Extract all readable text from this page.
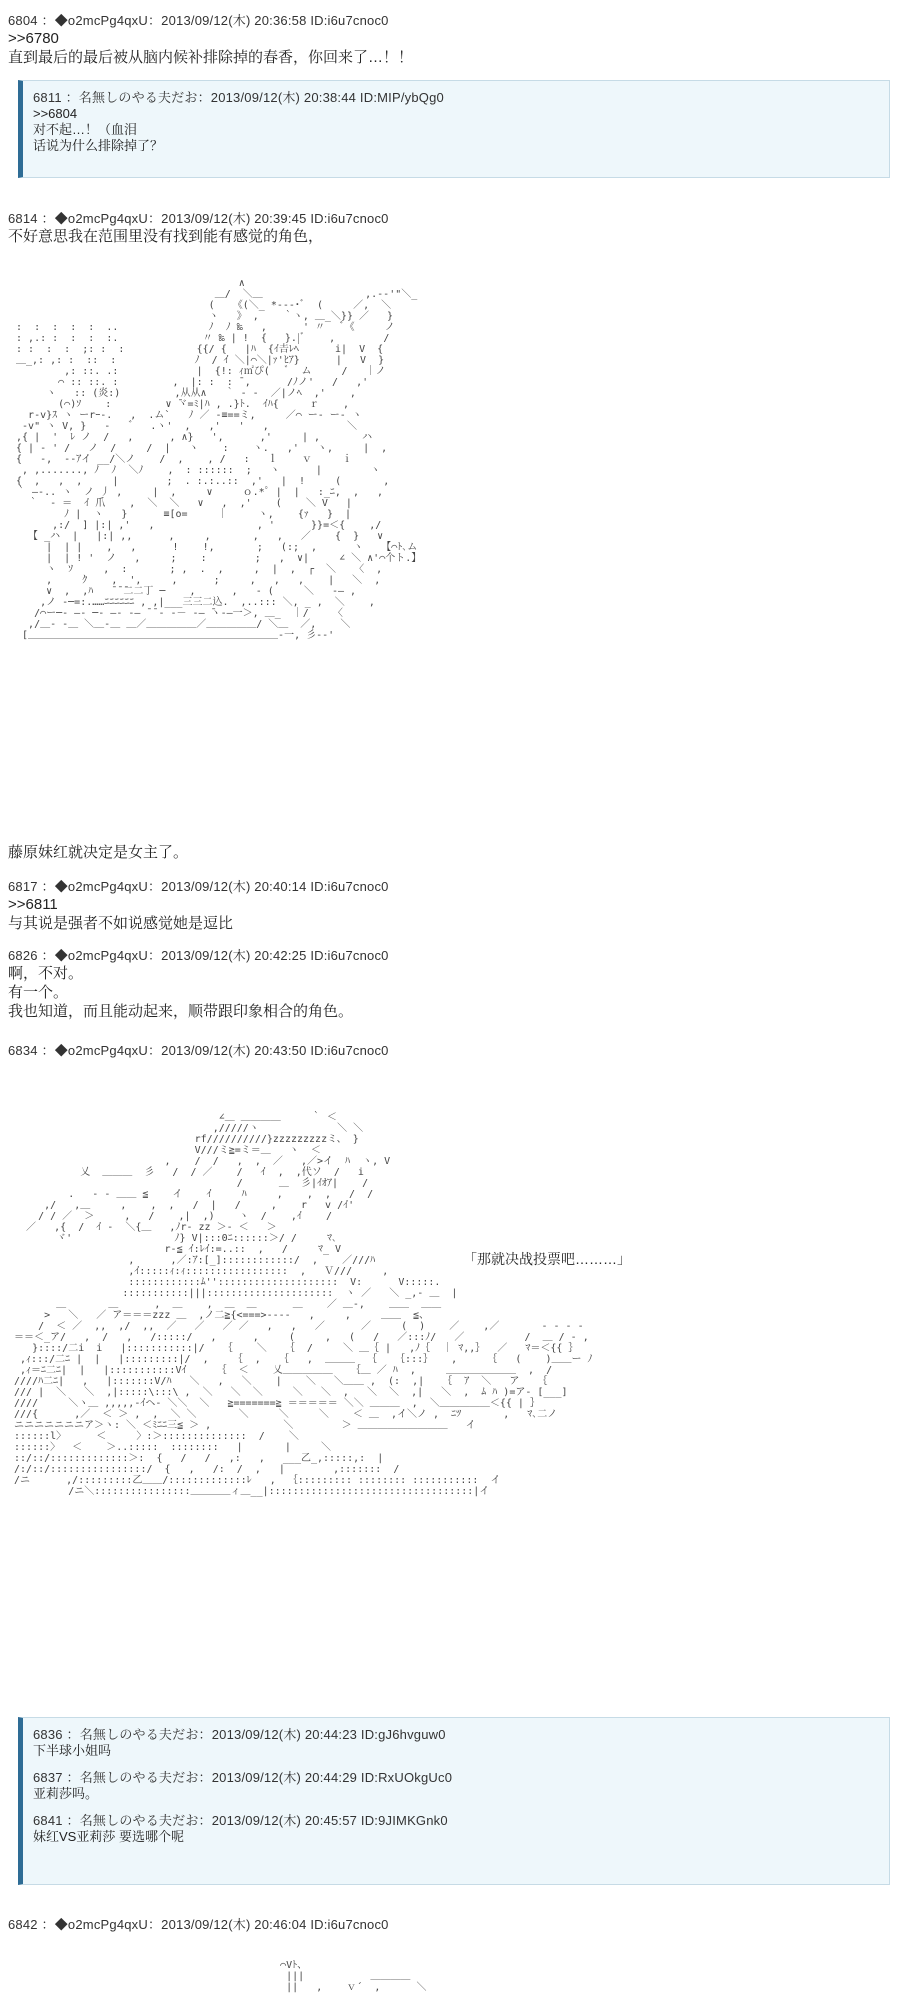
6804 ：◆o2mcPg4qxU：2013/09/12(木) 20:36:58 ID:i6u7cnoc0
>>6780
直到最后的最后被从脑内候补排除掉的春香，你回来了…！！
6811 ：名無しのやる夫だお：2013/09/12(木) 20:38:44 ID:MIP/ybQg0
>>6804
对不起…！（血泪
话说为什么排除掉了？
6814 ：◆o2mcPg4qxU：2013/09/12(木) 20:39:45 ID:i6u7cnoc0
不好意思我在范围里没有找到能有感觉的角色，
∧
＿/  ＼＿                 ,.-‐'"＼_
(   《(＼_ *‐‐‐･ﾞ  (     ／,  ＼
ヽ   》 ,    ｀ヽ, ＿_＼}} ／   }
:  :  :  :  :  ..               ﾉ  ﾉ ‰   ,      ' 〃   ﾞ《     ノ
: ,.: :  :  :  :.              〃 ‰ | !  {   }.|ﾞ    ,        /
: :  :  :  ;: :  :            {{/ {   |ﾊ  {ｲ𠮷ﾚﾍ      i|  V  {
＿_,: ,: :  ::  :             ﾉ  / ｲ ＼|⌒＼|ｧ'ﾋｱ}      |   V  }
,: ::. .:             |  {!: ｨ㎡ぴ(   ﾞ  ム     /   ｜ノ
⌒ :: ::. :         ,  |: :  : ̄ ,      /ﾉノ'   /   ,'
ヽ   :: (炎:)         ,从从∧   ｀ ‐ ‐  ／|ノﾍ  ,'    ,
(⌒)ｿ    :         ∨ ̄ヾ=ﾐ|ﾊ , .}ﾄ.  ｲﾊ{     ｒ    ,
r‐v}ｽ ヽ ーrｰ‐.   ,  .ム`   ﾉ ／ ‐≡==ミ,     ／⌒ ー‐ ー‐ ヽ
-v" ヽ V, }   -   ゛  .ヽ'  ,   ,'   '   ,             ＼
,{ |  '  ﾚ ノ  /   ,      , ∧}   ',      ,'     | ,       ハ
{ | ‐ ' /   ノ  /     /  |   ヽ    :    ヽ.   ,'   ヽ,     |  ,
{   ‐,  ‐-ｱイ __/＼ノ    /  ,    , /   :   ｌ    ｖ     ｉ
, ,......., ﾉ  ﾉ  ＼ﾉ    ,  : ::::::  ;   ヽ      |        ヽ
{  ,   ,  ,     |        ;  . :.:..::  ,'   |  !     (       ,
｀ ―‐.. ヽ  ノ 丿 ,     |  ,     ∨     ｏ.*ﾟ |  |   :_ﾆ,  ,   ,
｀  ‐ ＝  ｲ 爪    ,  ＼  ＼   ∨   ,  ,'    (    ＼ V   |
ﾉ |  ヽ   }      ≡[o=     ｜     ヽ,    {ｧ   }  |
,:/  ] |:| ,'   ,                 , '      }}=＜{    ,/
【 _ハ  |   |:| ,,      ,     ,       ,   ,   ／    {  }   ∨
|  | |    ,   ,      !    !,       ;   (:;  ,      ヽ   【⌒ﾄ､ム
|  | ! '  ノ   ,     ;    :        ;   ,  ∨|     ∠ ＼ ∧'⌒个ト.】
ヽ  ｿ     ,  :       ; ,  .  ,     ,  |  ,  ┌  ＼   〈  ,
,     ｸ    ,  ',     ,      ;     ,   ,   ,    |   ＼  ,
∨  ,  ,ﾊ   ̄ ̄ ̄二二丁 ─    ,      ,   ‐ (     ＼   ‐― ,
,ノ ‐─=:.……ﾆﾆﾆﾆﾆﾆ , ,|___三三二込.  ,..::: ＼, _ ,  ＼    ,
/⌒ー─‐ ―‐ ─‐ ―‐ ‐― ̄ ̄ ‐ ‐－ ‐― ̄ヽ‐―一＞, ＿_  ｜/    〈
,/＿‐ ‐＿ ＼＿‐＿ ＿／＿＿＿＿＿／＿＿＿＿＿/ ＼＿  ／,    ＼
[＿＿＿＿＿＿＿＿＿＿＿＿＿＿＿＿＿＿＿＿＿＿＿＿＿‐一, 彡‐‐'
藤原妹红就决定是女主了。
6817 ：◆o2mcPg4qxU：2013/09/12(木) 20:40:14 ID:i6u7cnoc0
>>6811
与其说是强者不如说感觉她是逗比
6826 ：◆o2mcPg4qxU：2013/09/12(木) 20:42:25 ID:i6u7cnoc0
啊，不对。
有一个。
我也知道，而且能动起来，顺带跟印象相合的角色。
6834 ：◆o2mcPg4qxU：2013/09/12(木) 20:43:50 ID:i6u7cnoc0
∠＿ ＿＿＿＿     ｀ ＜
,/////ヽ             ＼ ＼
rf//////////}zzzzzzzzzミ、 }
V///ミ≧=ミ＝＿   ヽ  ＜
,    /  /   ,  ,  ／   ,／>イ  ﾊ  ヽ, V
乂  ＿＿＿  彡   /  / ／    /   ｲ  ,  ,代ソ  /   i
/      ＿  彡|ｲｵｱ|    /
.   ‐ ‐ ＿＿ ≦    イ    ｲ     ﾊ     ,    ,  ,   /  /
,/   ,＿     ,    ,  ,   /  |   /     ,    r   v /ｲ'
/ / ／  ＞     ,   /    ,|  ,)    ヽ  /    ,ｲ    /
／   ,{  /  ｲ ‐  ＼{＿   ,ﾉr‐ zz ＞‐ ＜   ＞
ヾ'                 ﾉ} V|:::0ﾆ::::::＞/ /     ﾏ､
r‐≦ ｲ:ﾚｲ:=..::  ,   /     ﾏ_ V
,      ,／:ｱ:[_]::::::::::::/  ,    ／///ﾊ
,ｲ:::::ｨ:ｨ:::::::::::::::::  ,   Ｖ///     ,
::::::::::::ﾑ''::::::::::::::::::::  V:      V:::::.
:::::::::::|||:::::::::::::::::::::  ヽ ／   ＼ _,‐ ＿  |
＿       ＿      ,  ＿    ,  ＿  ＿      ＿    ／ ＿‐,    ＿＿  ＿＿
>   ＼   ／ ア＝＝＝zzz ＿  ,ノ二≧{<===>----   ,     ,     ＿＿  ≦、
/  ＜ ／  ,,  ,/  ,,  ／   ／   ／ ／   ,   ,   ／      ／     (  )    ／    ,／       ‐ ‐ ‐ ‐
＝＝＜_ア/   ,  /   ,   /:::::/   ,      ,     (     ,   (   /   ／:::ﾉ/   ／          /  ＿ / - ,
}::::/二i  i   |:::::::::::|/   ｛    ＼   ｛  /     ＼ ＿｛ |   ,ﾉ｛  ｜ ﾏ,,｝  ／   ﾏ＝＜{{ ｝
,ｨ:::/二ﾆ |  |   |:::::::::|/  ,    ｛  ,   ｛   ,  ＿＿＿  ｛   ｛:::｝   ,     ｛   (    )＿＿ー ﾉ
,ｨ＝ﾆ二ﾆ|  |   |:::::::::::Vｲ     ｛  ＜    乂＿＿＿＿＿   ｛＿ ／ ﾊ  ,     ＿＿＿＿＿＿＿  ,  /
////ﾊ二ﾆ|   ,   |:::::::V/ﾊ   ＼   ,   ＼    |    ＼   ＼＿＿ ,  (:  ,|   ｛  ｱ  ＼   ア   ｛
/// |  ＼   ＼  ,|:::::\:::\ ,  ＼   ＼  ＼     ＼   ＼  ,   ＼  ＼  ,|   ＼  ,  ﾑ ﾊ )=ア‐ [___]
////     ＼ヽ＿ ,,,,,-ｲヘ‐ ＼＼  ＼   ≧=======≧ ＝＝＝＝＝ ＼＼ ＿＿＿  ,  ＼＿＿＿＿＿＜{{ | ｝
///{      ,／  ＜ ＞ ,  ,  ＼ ＼       ＼     ＼     ＼    ＜ ＿  ,イ＼ノ ,  ﾆﾂ       ,   ﾏ､二ノ
ニニニニニニニア＞ヽ: ＼ ＜ﾐﾆﾆ三≦ ＞ ,            ＼        ＞ ＿＿＿＿＿＿＿＿＿   イ
::::::l〉     ＜     〉:＞::::::::::::::  /    ＼
::::::〉  ＜    ＞..:::::  ::::::::   |       |     ＼
::/::/:::::::::::::＞:  {   /   /   ,:   ,   ___乙_,:::::,:  |
/:/::/::::::::::::::::/  {   ,   /:  /  ,   |        ,:::::::  /
/ニ      ,/:::::::::乙＿＿/:::::::::::::ﾚ   ,  ｛::::::::: :::::::: :::::::::::  イ
/ニ＼::::::::::::::::＿＿＿＿ィ＿__|::::::::::::::::::::::::::::::::::|イ
「那就决战投票吧………」
6836 ：名無しのやる夫だお：2013/09/12(木) 20:44:23 ID:gJ6hvguw0
下半球小姐吗
6837 ：名無しのやる夫だお：2013/09/12(木) 20:44:29 ID:RxUOkgUc0
亚莉莎吗。
6841 ：名無しのやる夫だお：2013/09/12(木) 20:45:57 ID:9JIMKGnk0
妹红VS亚莉莎 要选哪个呢
6842 ：◆o2mcPg4qxU：2013/09/12(木) 20:46:04 ID:i6u7cnoc0
⌒Vﾄ、
|||           ＿＿＿＿
||   ,    ｖ´  ,      ＼
